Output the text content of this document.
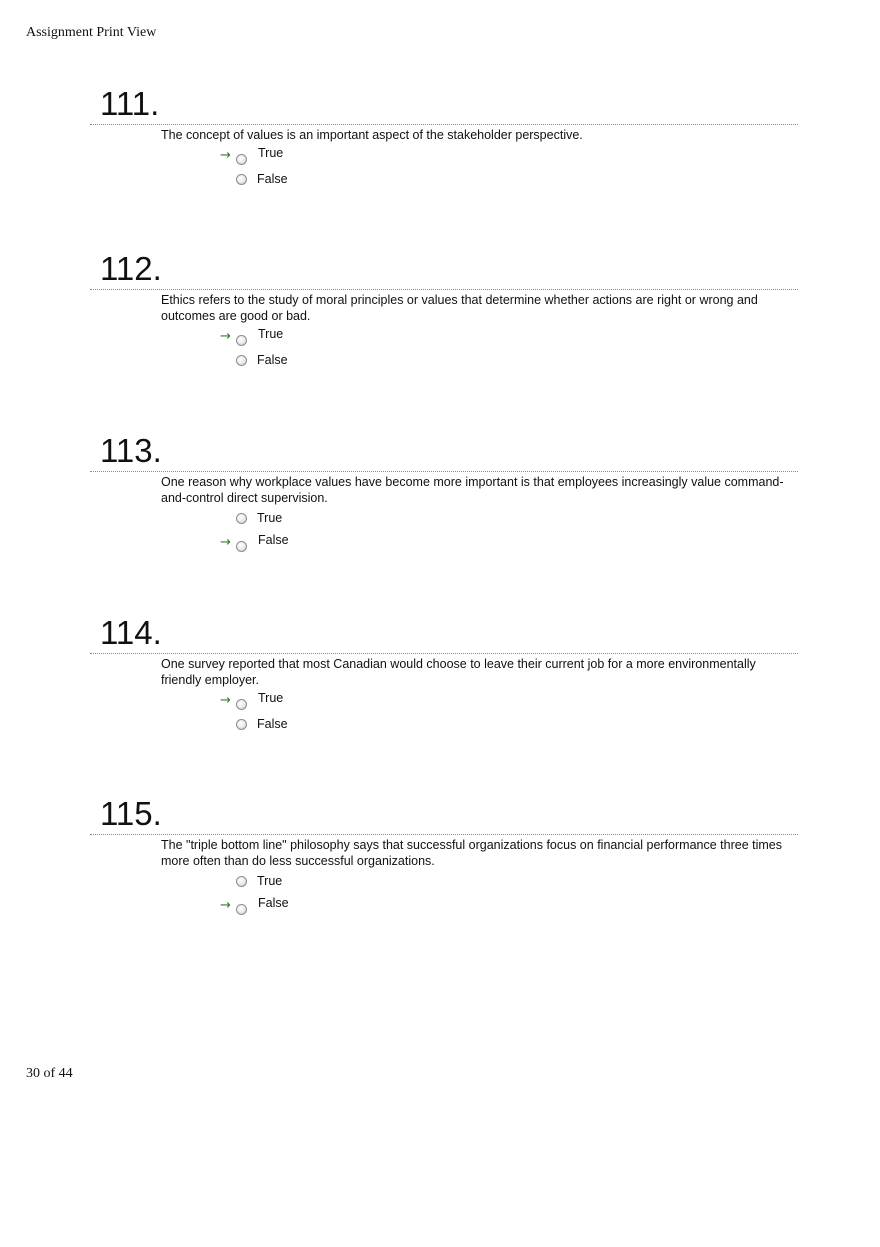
Assignment Print View
111.
The concept of values is an important aspect of the stakeholder perspective.
→ True
False
112.
Ethics refers to the study of moral principles or values that determine whether actions are right or wrong and outcomes are good or bad.
→ True
False
113.
One reason why workplace values have become more important is that employees increasingly value command-and-control direct supervision.
True
→ False
114.
One survey reported that most Canadian would choose to leave their current job for a more environmentally friendly employer.
→ True
False
115.
The "triple bottom line" philosophy says that successful organizations focus on financial performance three times more often than do less successful organizations.
True
→ False
30 of 44
